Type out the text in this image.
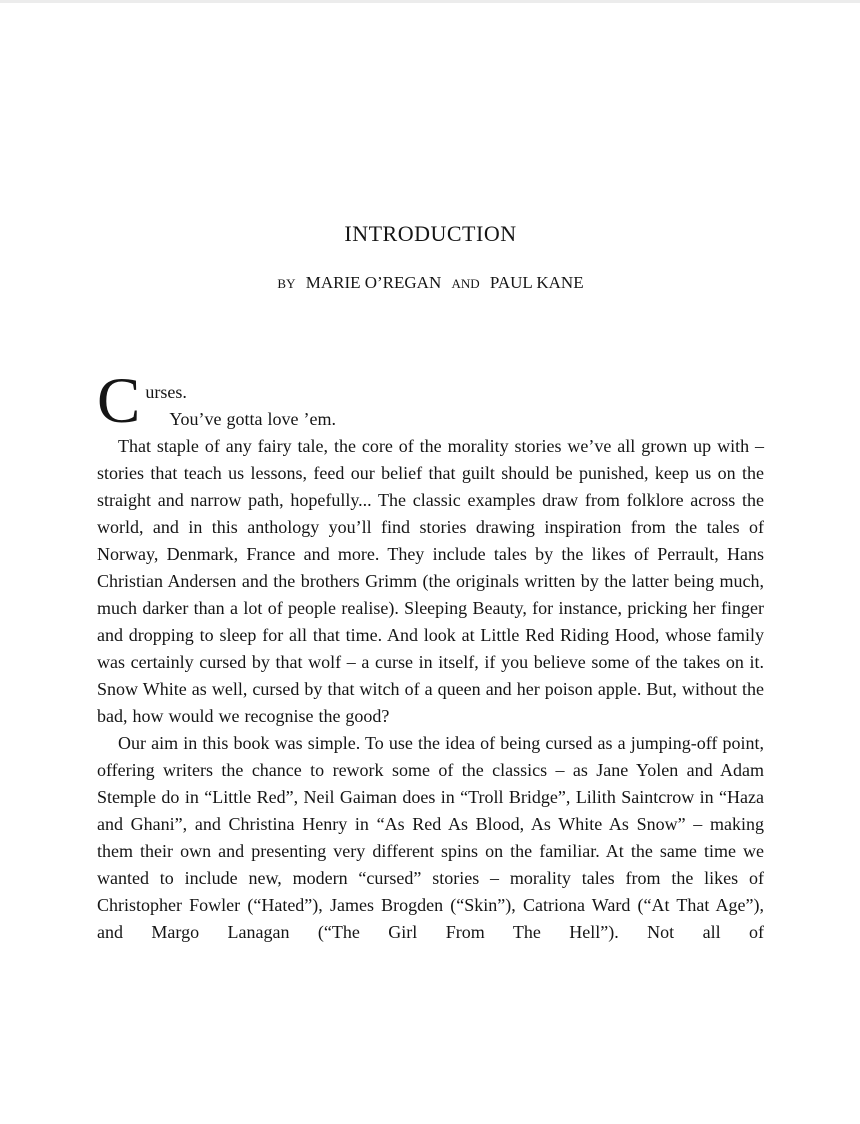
INTRODUCTION
BY MARIE O’REGAN AND PAUL KANE

Curses.

You’ve gotta love ’em.

That staple of any fairy tale, the core of the morality stories we’ve all grown up with – stories that teach us lessons, feed our belief that guilt should be punished, keep us on the straight and narrow path, hopefully... The classic examples draw from folklore across the world, and in this anthology you’ll find stories drawing inspiration from the tales of Norway, Denmark, France and more. They include tales by the likes of Perrault, Hans Christian Andersen and the brothers Grimm (the originals written by the latter being much, much darker than a lot of people realise). Sleeping Beauty, for instance, pricking her finger and dropping to sleep for all that time. And look at Little Red Riding Hood, whose family was certainly cursed by that wolf – a curse in itself, if you believe some of the takes on it. Snow White as well, cursed by that witch of a queen and her poison apple. But, without the bad, how would we recognise the good?

Our aim in this book was simple. To use the idea of being cursed as a jumping-off point, offering writers the chance to rework some of the classics – as Jane Yolen and Adam Stemple do in “Little Red”, Neil Gaiman does in “Troll Bridge”, Lilith Saintcrow in “Haza and Ghani”, and Christina Henry in “As Red As Blood, As White As Snow” – making them their own and presenting very different spins on the familiar. At the same time we wanted to include new, modern “cursed” stories – morality tales from the likes of Christopher Fowler (“Hated”), James Brogden (“Skin”), Catriona Ward (“At That Age”), and Margo Lanagan (“The Girl From The Hell”). Not all of
